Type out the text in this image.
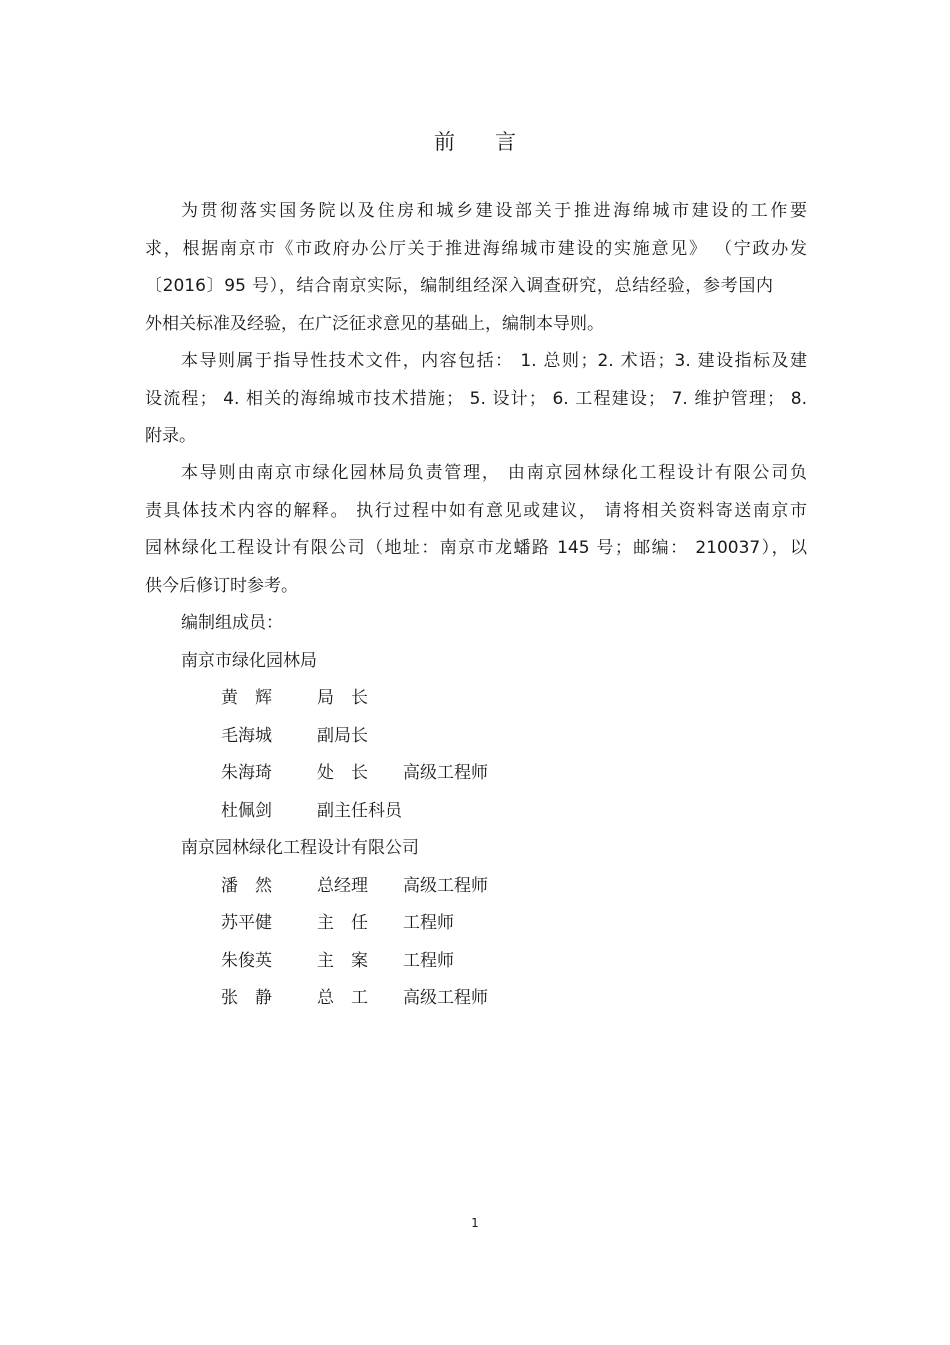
前 言
为贯彻落实国务院以及住房和城乡建设部关于推进海绵城市建设的工作要
求，根据南京市《市政府办公厅关于推进海绵城市建设的实施意见》 （宁政办发
〔2016〕95 号），结合南京实际，编制组经深入调查研究，总结经验，参考国内
外相关标准及经验，在广泛征求意见的基础上，编制本导则。
本导则属于指导性技术文件，内容包括： 1. 总则；2. 术语；3. 建设指标及建
设流程； 4. 相关的海绵城市技术措施； 5. 设计； 6. 工程建设； 7. 维护管理； 8.
附录。
本导则由南京市绿化园林局负责管理， 由南京园林绿化工程设计有限公司负
责具体技术内容的解释。 执行过程中如有意见或建议， 请将相关资料寄送南京市
园林绿化工程设计有限公司（地址：南京市龙蟠路 145 号；邮编： 210037），以
供今后修订时参考。
编制组成员：
南京市绿化园林局
黄　辉	局　长
毛海城	副局长
朱海琦	处　长 高级工程师
杜佩剑	副主任科员
南京园林绿化工程设计有限公司
潘　然	总经理 高级工程师
苏平健	主　任 工程师
朱俊英	主　案 工程师
张　静	总　工 高级工程师
1
